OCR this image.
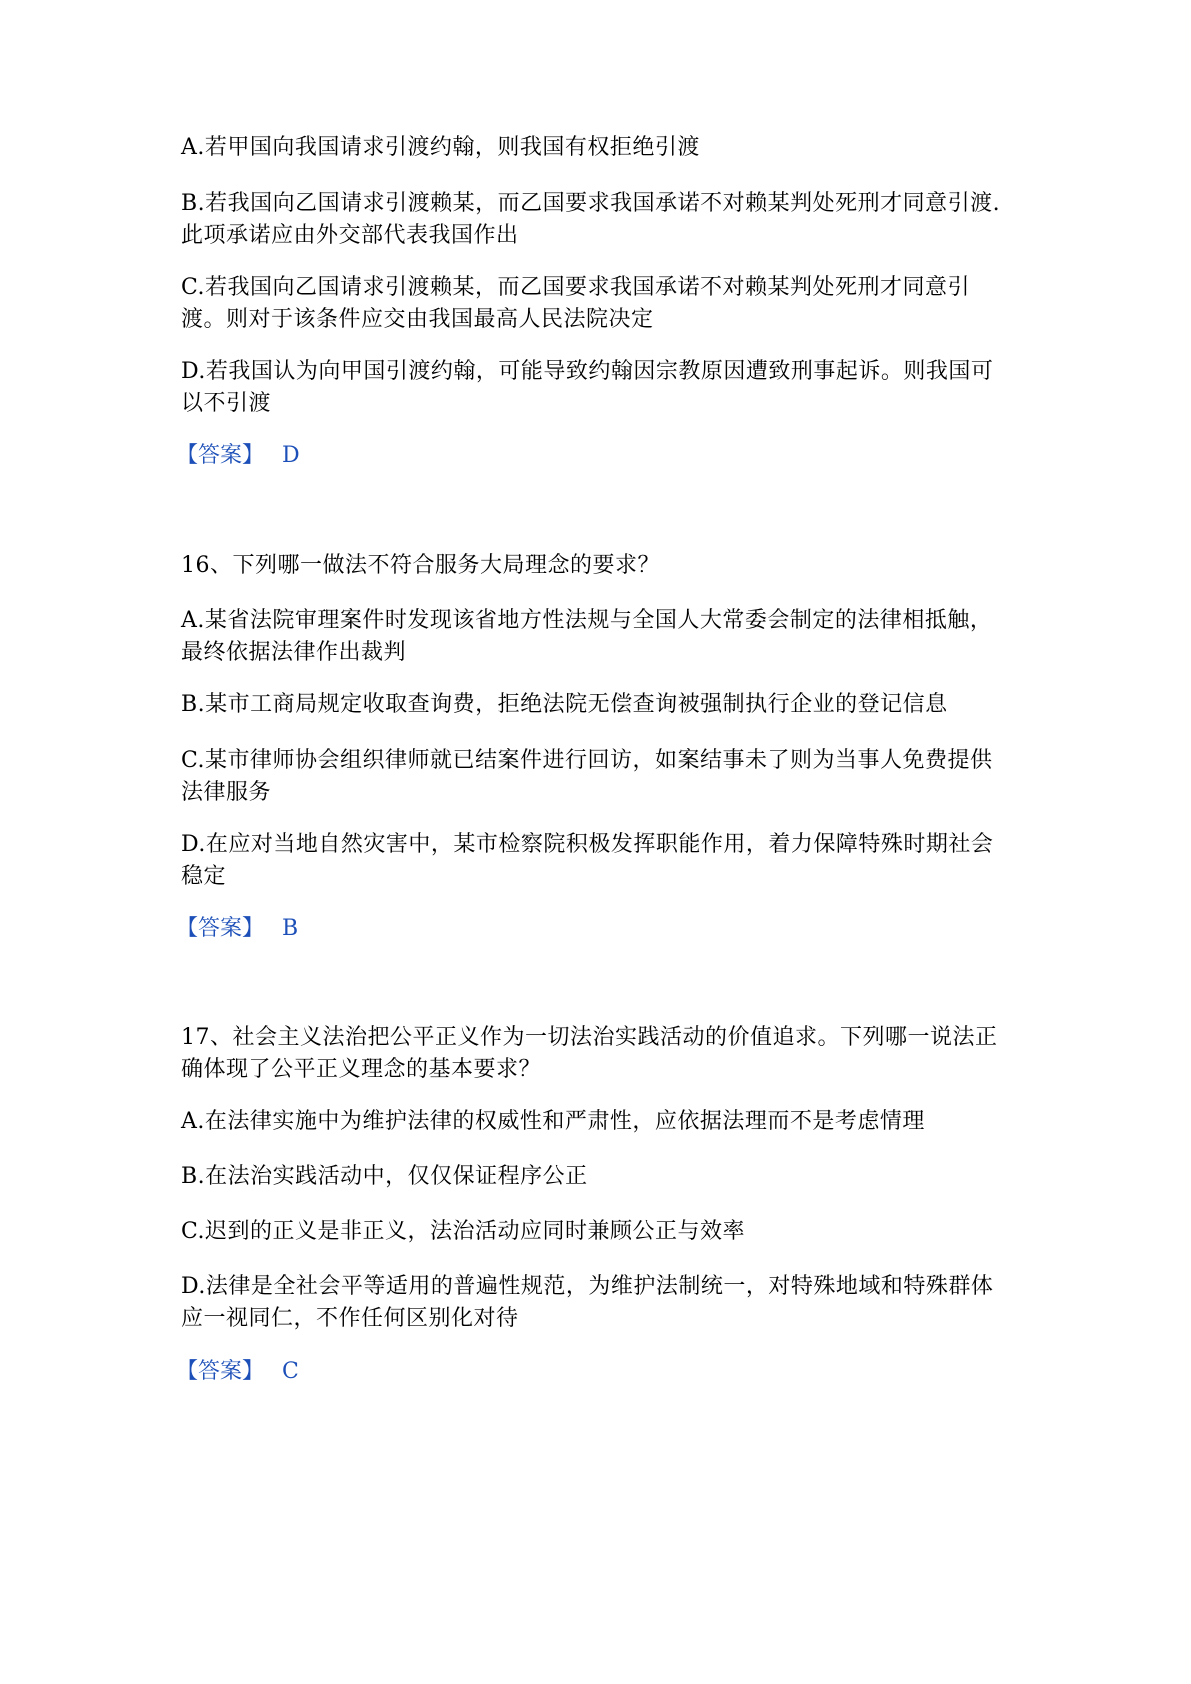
A.若甲国向我国请求引渡约翰，则我国有权拒绝引渡

B.若我国向乙国请求引渡赖某，而乙国要求我国承诺不对赖某判处死刑才同意引渡.此项承诺应由外交部代表我国作出

C.若我国向乙国请求引渡赖某，而乙国要求我国承诺不对赖某判处死刑才同意引渡。则对于该条件应交由我国最高人民法院决定

D.若我国认为向甲国引渡约翰，可能导致约翰因宗教原因遭致刑事起诉。则我国可以不引渡

【答案】 D

16、下列哪一做法不符合服务大局理念的要求？

A.某省法院审理案件时发现该省地方性法规与全国人大常委会制定的法律相抵触，最终依据法律作出裁判

B.某市工商局规定收取查询费，拒绝法院无偿查询被强制执行企业的登记信息

C.某市律师协会组织律师就已结案件进行回访，如案结事未了则为当事人免费提供法律服务

D.在应对当地自然灾害中，某市检察院积极发挥职能作用，着力保障特殊时期社会稳定

【答案】 B

17、社会主义法治把公平正义作为一切法治实践活动的价值追求。下列哪一说法正确体现了公平正义理念的基本要求？

A.在法律实施中为维护法律的权威性和严肃性，应依据法理而不是考虑情理

B.在法治实践活动中，仅仅保证程序公正

C.迟到的正义是非正义，法治活动应同时兼顾公正与效率

D.法律是全社会平等适用的普遍性规范，为维护法制统一，对特殊地域和特殊群体应一视同仁，不作任何区别化对待

【答案】 C
